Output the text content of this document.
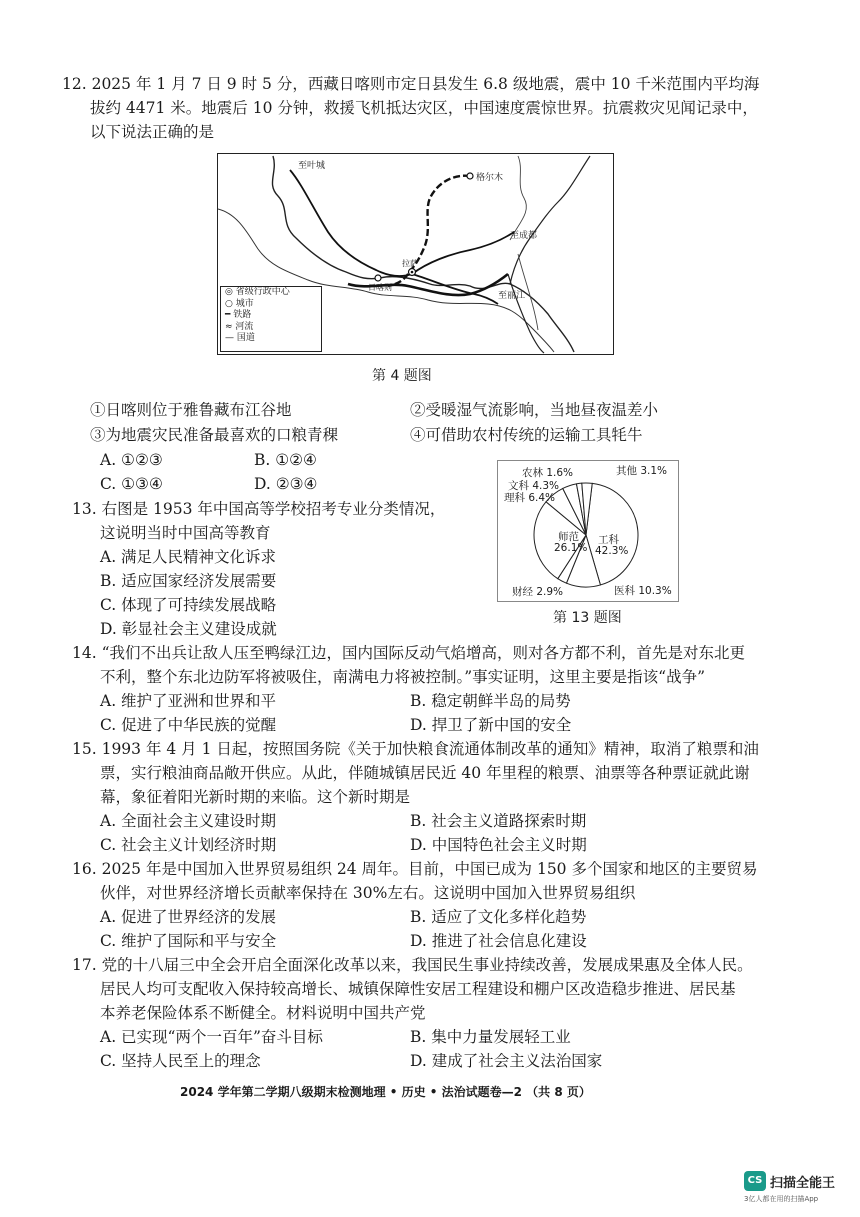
12. 2025 年 1 月 7 日 9 时 5 分，西藏日喀则市定日县发生 6.8 级地震，震中 10 千米范围内平均海
拔约 4471 米。地震后 10 分钟，救援飞机抵达灾区，中国速度震惊世界。抗震救灾见闻记录中，
以下说法正确的是
至叶城
格尔木
至成都
拉萨
日喀则
至丽江
◎ 省级行政中心
○ 城市
━ 铁路
≈ 河流
— 国道
第 4 题图
①日喀则位于雅鲁藏布江谷地	②受暖湿气流影响，当地昼夜温差小
③为地震灾民准备最喜欢的口粮青稞	④可借助农村传统的运输工具牦牛
A. ①②③	B. ①②④
C. ①③④	D. ②③④
13. 右图是 1953 年中国高等学校招考专业分类情况，
这说明当时中国高等教育
A. 满足人民精神文化诉求
B. 适应国家经济发展需要
C. 体现了可持续发展战略
D. 彰显社会主义建设成就
工科
42.3%
医科 10.3%
财经 2.9%
师范
26.1%
理科 6.4%
文科 4.3%
农林 1.6%	其他 3.1%
第 13 题图
14. “我们不出兵让敌人压至鸭绿江边，国内国际反动气焰增高，则对各方都不利，首先是对东北更
不利，整个东北边防军将被吸住，南满电力将被控制。”事实证明，这里主要是指该“战争”
A. 维护了亚洲和世界和平	B. 稳定朝鲜半岛的局势
C. 促进了中华民族的觉醒	D. 捍卫了新中国的安全
15. 1993 年 4 月 1 日起，按照国务院《关于加快粮食流通体制改革的通知》精神，取消了粮票和油
票，实行粮油商品敞开供应。从此，伴随城镇居民近 40 年里程的粮票、油票等各种票证就此谢
幕，象征着阳光新时期的来临。这个新时期是
A. 全面社会主义建设时期	B. 社会主义道路探索时期
C. 社会主义计划经济时期	D. 中国特色社会主义时期
16. 2025 年是中国加入世界贸易组织 24 周年。目前，中国已成为 150 多个国家和地区的主要贸易
伙伴，对世界经济增长贡献率保持在 30%左右。这说明中国加入世界贸易组织
A. 促进了世界经济的发展	B. 适应了文化多样化趋势
C. 维护了国际和平与安全	D. 推进了社会信息化建设
17. 党的十八届三中全会开启全面深化改革以来，我国民生事业持续改善，发展成果惠及全体人民。
居民人均可支配收入保持较高增长、城镇保障性安居工程建设和棚户区改造稳步推进、居民基
本养老保险体系不断健全。材料说明中国共产党
A. 已实现“两个一百年”奋斗目标	B. 集中力量发展轻工业
C. 坚持人民至上的理念	D. 建成了社会主义法治国家
2024 学年第二学期八级期末检测地理 • 历史 • 法治试题卷—2 （共 8 页）
CS 扫描全能王
3亿人都在用的扫描App
